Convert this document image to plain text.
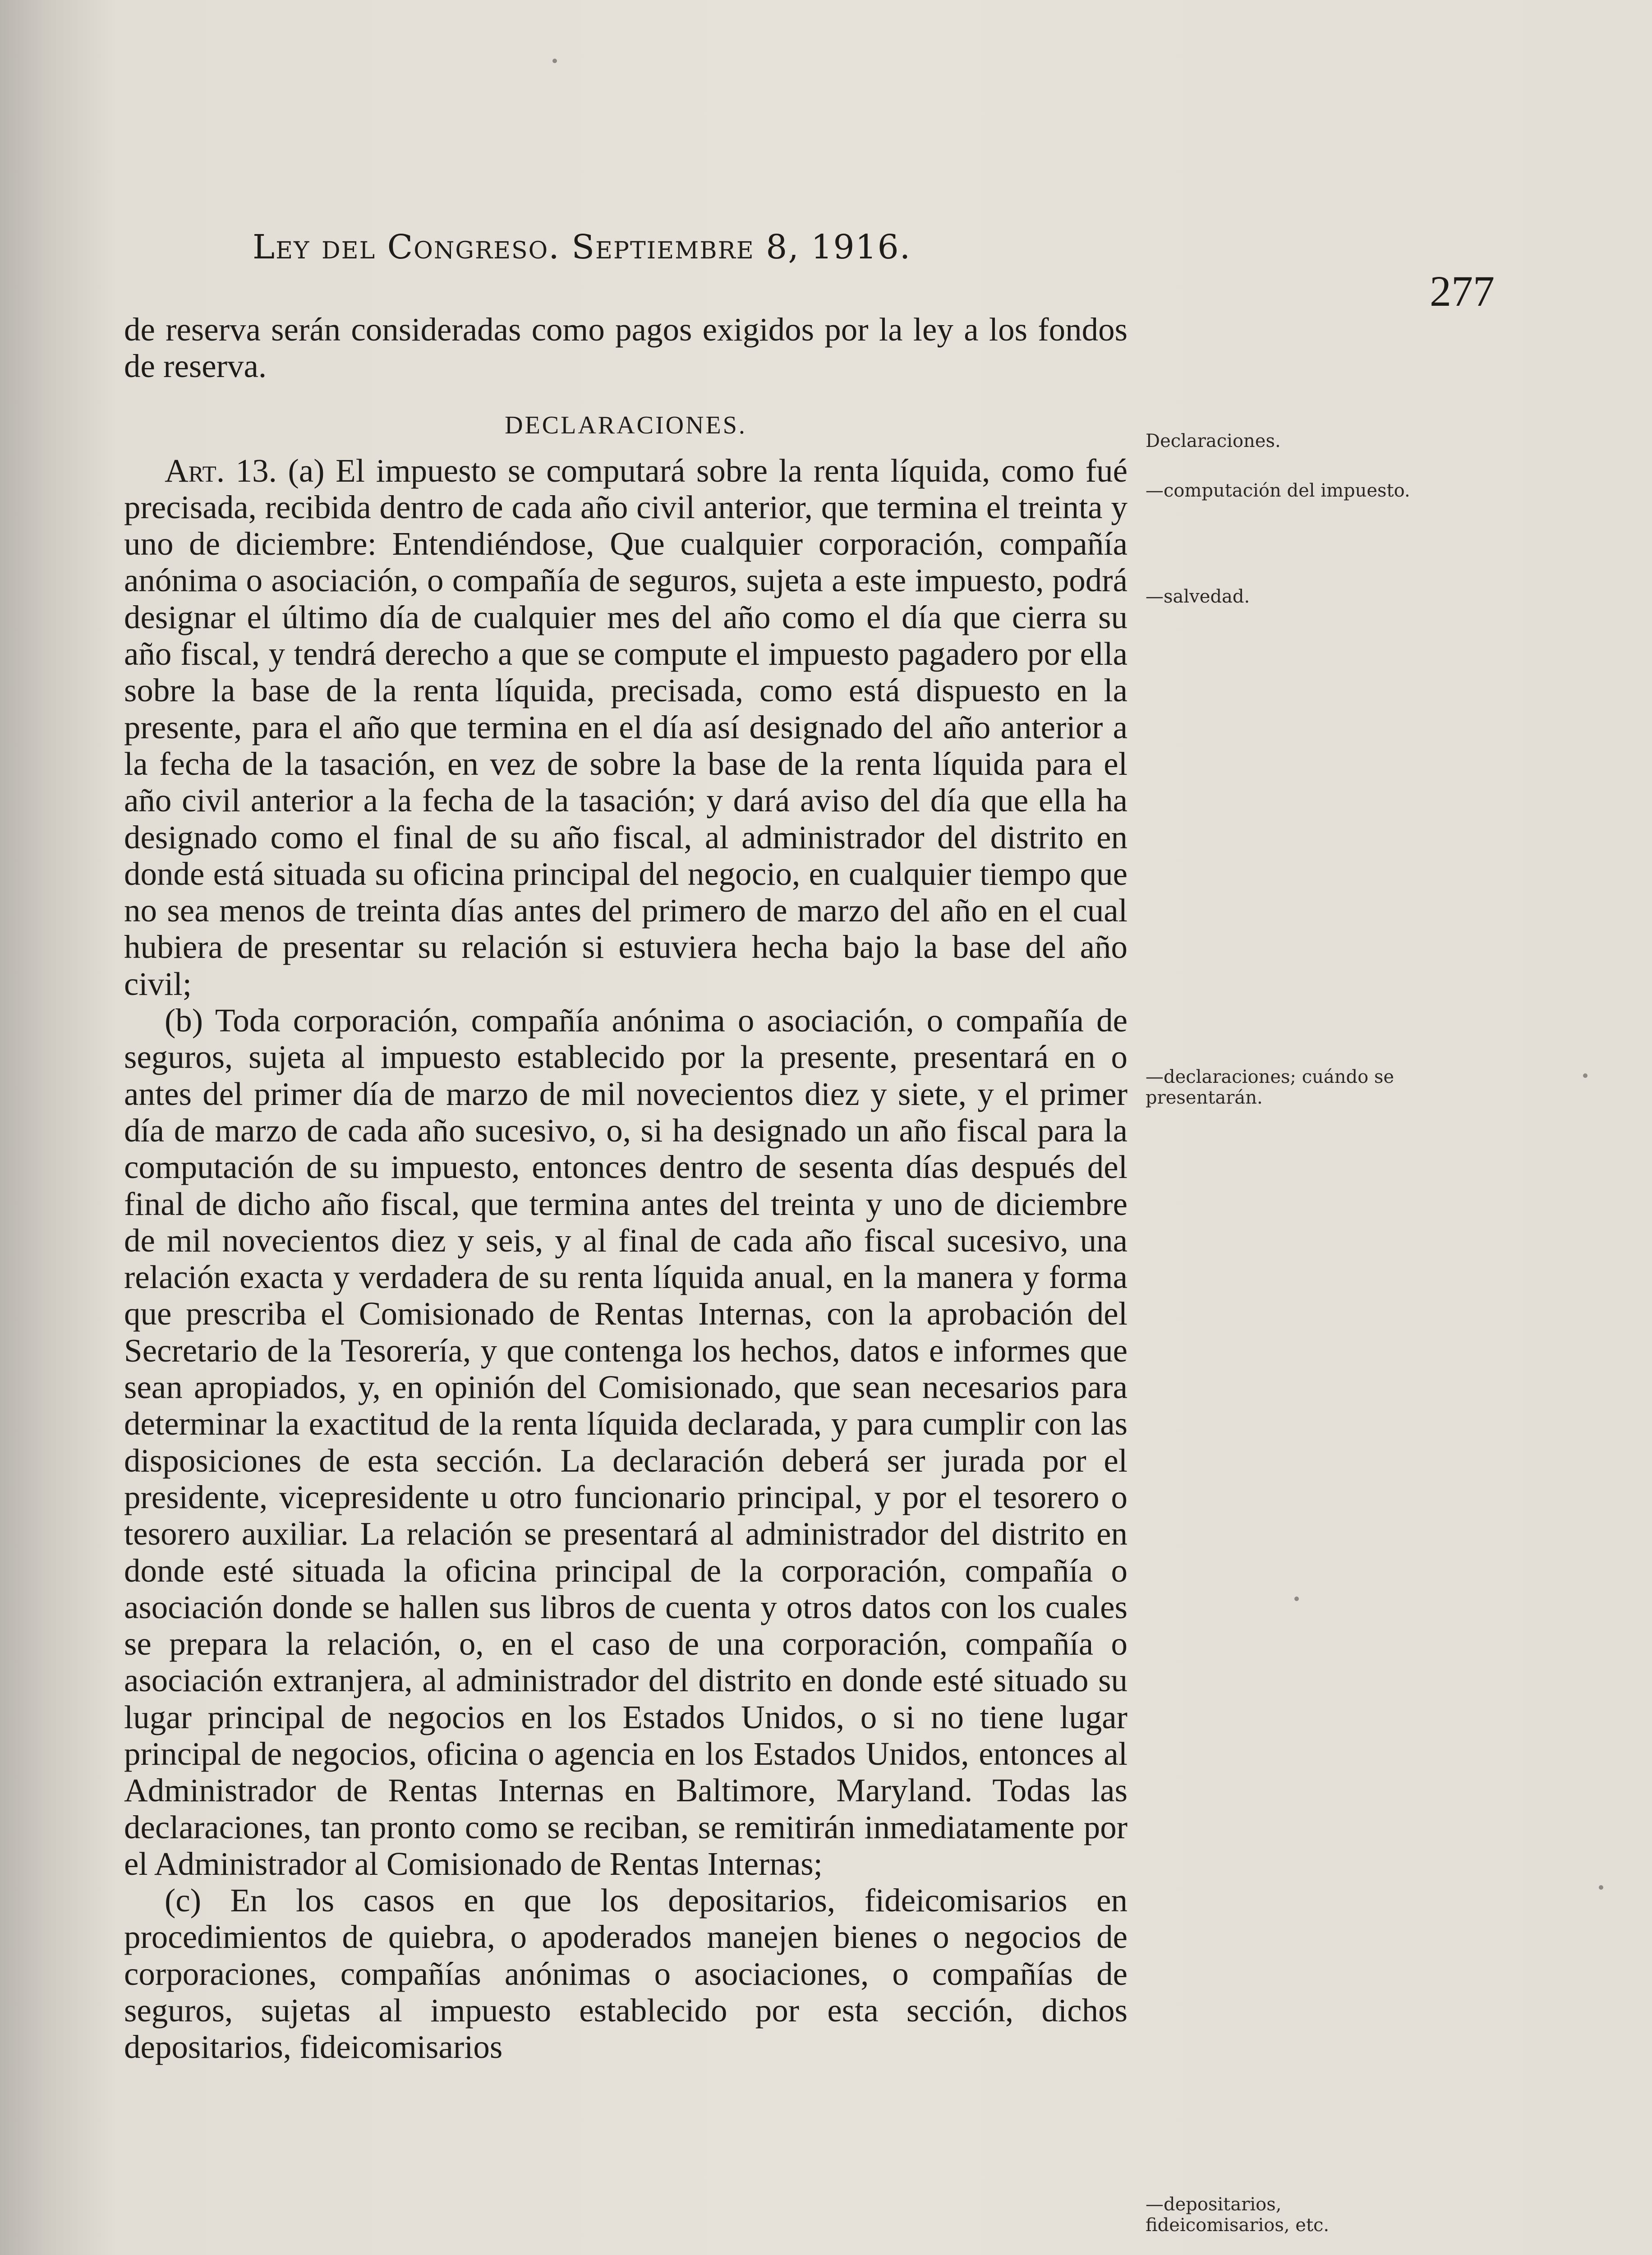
Ley del Congreso. Septiembre 8, 1916.
277

de reserva serán consideradas como pagos exigidos por la ley a los fondos de reserva.

DECLARACIONES.

Art. 13. (a) El impuesto se computará sobre la renta líquida, como fué precisada, recibida dentro de cada año civil anterior, que termina el treinta y uno de diciembre: Entendiéndose, Que cualquier corporación, compañía anónima o asociación, o compañía de seguros, sujeta a este impuesto, podrá designar el último día de cualquier mes del año como el día que cierra su año fiscal, y tendrá derecho a que se compute el impuesto pagadero por ella sobre la base de la renta líquida, precisada, como está dispuesto en la presente, para el año que termina en el día así designado del año anterior a la fecha de la tasación, en vez de sobre la base de la renta líquida para el año civil anterior a la fecha de la tasación; y dará aviso del día que ella ha designado como el final de su año fiscal, al administrador del distrito en donde está situada su oficina principal del negocio, en cualquier tiempo que no sea menos de treinta días antes del primero de marzo del año en el cual hubiera de presentar su relación si estuviera hecha bajo la base del año civil;

(b) Toda corporación, compañía anónima o asociación, o compañía de seguros, sujeta al impuesto establecido por la presente, presentará en o antes del primer día de marzo de mil novecientos diez y siete, y el primer día de marzo de cada año sucesivo, o, si ha designado un año fiscal para la computación de su impuesto, entonces dentro de sesenta días después del final de dicho año fiscal, que termina antes del treinta y uno de diciembre de mil novecientos diez y seis, y al final de cada año fiscal sucesivo, una relación exacta y verdadera de su renta líquida anual, en la manera y forma que prescriba el Comisionado de Rentas Internas, con la aprobación del Secretario de la Tesorería, y que contenga los hechos, datos e informes que sean apropiados, y, en opinión del Comisionado, que sean necesarios para determinar la exactitud de la renta líquida declarada, y para cumplir con las disposiciones de esta sección. La declaración deberá ser jurada por el presidente, vicepresidente u otro funcionario principal, y por el tesorero o tesorero auxiliar. La relación se presentará al administrador del distrito en donde esté situada la oficina principal de la corporación, compañía o asociación donde se hallen sus libros de cuenta y otros datos con los cuales se prepara la relación, o, en el caso de una corporación, compañía o asociación extranjera, al administrador del distrito en donde esté situado su lugar principal de negocios en los Estados Unidos, o si no tiene lugar principal de negocios, oficina o agencia en los Estados Unidos, entonces al Administrador de Rentas Internas en Baltimore, Maryland. Todas las declaraciones, tan pronto como se reciban, se remitirán inmediatamente por el Administrador al Comisionado de Rentas Internas;

(c) En los casos en que los depositarios, fideicomisarios en procedimientos de quiebra, o apoderados manejen bienes o negocios de corporaciones, compañías anónimas o asociaciones, o compañías de seguros, sujetas al impuesto establecido por esta sección, dichos depositarios, fideicomisarios

Declaraciones.
—computación del impuesto.
—salvedad.
—declaraciones; cuándo se presentarán.
—depositarios, fideicomisarios, etc.
